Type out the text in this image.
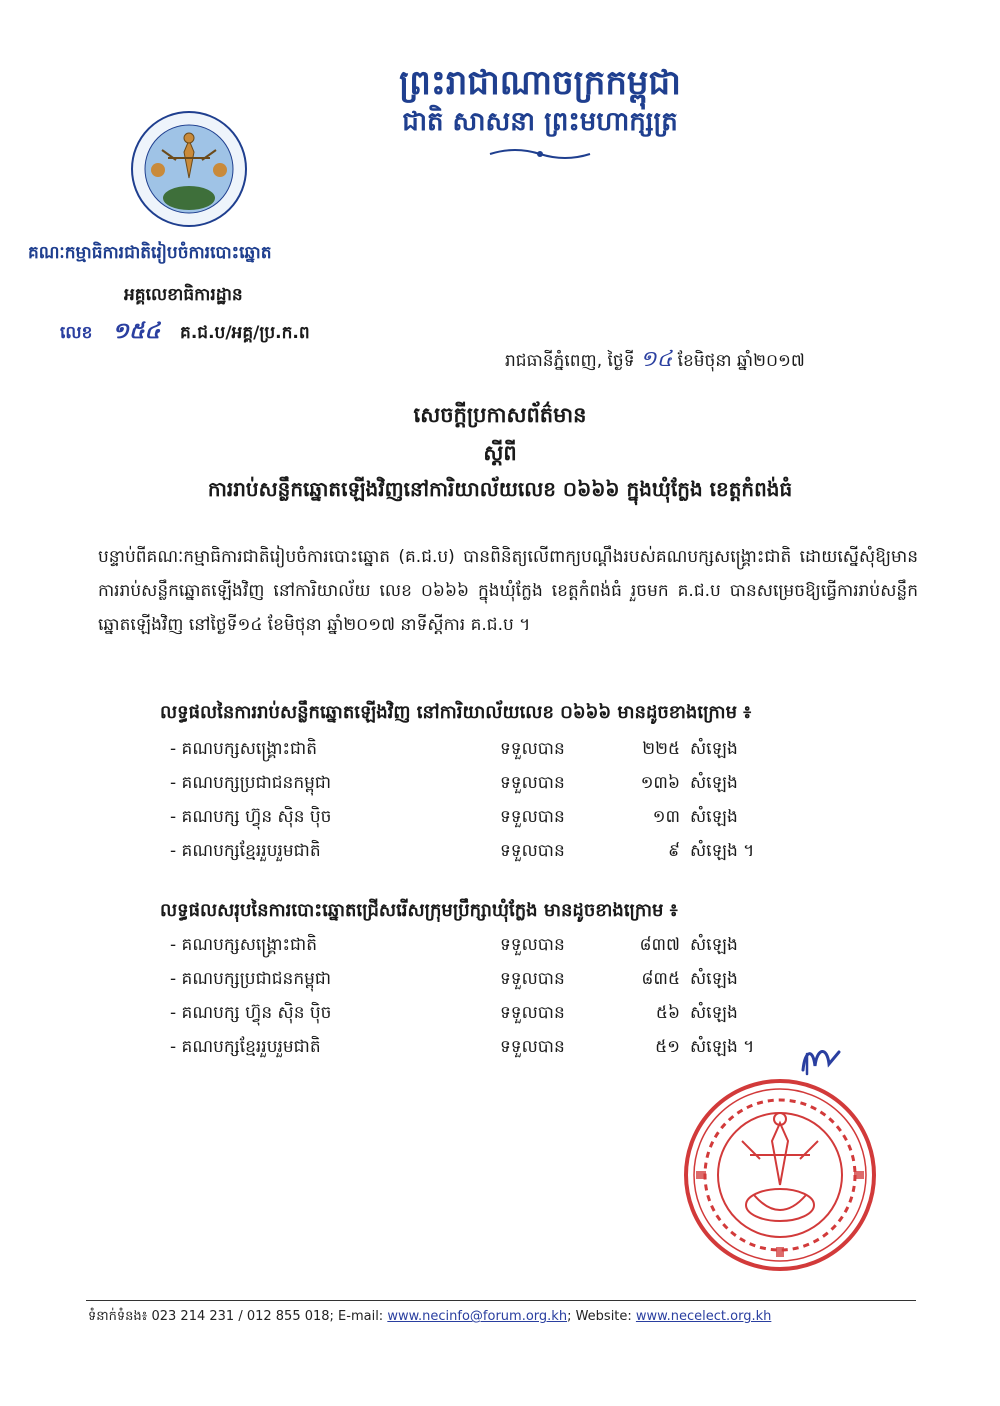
ព្រះរាជាណាចក្រកម្ពុជា
ជាតិ សាសនា ព្រះមហាក្សត្រ
គណៈកម្មាធិការជាតិរៀបចំការបោះឆ្នោត
អគ្គលេខាធិការដ្ឋាន
លេខ ១៥៤ គ.ជ.ប/អគ្គ/ប្រ.ក.ព
រាជធានីភ្នំពេញ, ថ្ងៃទី ១៤ ខែមិថុនា ឆ្នាំ២០១៧
សេចក្តីប្រកាសព័ត៌មាន
ស្តីពី
ការរាប់សន្លឹកឆ្នោតឡើងវិញនៅការិយាល័យលេខ ០៦៦៦ ក្នុងឃុំក្លែង ខេត្តកំពង់ធំ
បន្ទាប់ពីគណៈកម្មាធិការជាតិរៀបចំការបោះឆ្នោត (គ.ជ.ប) បានពិនិត្យលើពាក្យបណ្តឹងរបស់គណបក្សសង្គ្រោះជាតិ ដោយស្នើសុំឱ្យមានការរាប់សន្លឹកឆ្នោតឡើងវិញ នៅការិយាល័យ លេខ ០៦៦៦ ក្នុងឃុំក្លែង ខេត្តកំពង់ធំ រួចមក គ.ជ.ប បានសម្រេចឱ្យធ្វើការរាប់សន្លឹកឆ្នោតឡើងវិញ នៅថ្ងៃទី១៤ ខែមិថុនា ឆ្នាំ២០១៧ នាទីស្តីការ គ.ជ.ប ។
លទ្ធផលនៃការរាប់សន្លឹកឆ្នោតឡើងវិញ នៅការិយាល័យលេខ ០៦៦៦ មានដូចខាងក្រោម ៖
- គណបក្សសង្គ្រោះជាតិ	ទទួលបាន	២២៥ សំឡេង
- គណបក្សប្រជាជនកម្ពុជា	ទទួលបាន	១៣៦ សំឡេង
- គណបក្ស ហ៊្វុន ស៊ិន ប៉ិច	ទទួលបាន	១៣ សំឡេង
- គណបក្សខ្មែររួបរួមជាតិ	ទទួលបាន	៩ សំឡេង ។
លទ្ធផលសរុបនៃការបោះឆ្នោតជ្រើសរើសក្រុមប្រឹក្សាឃុំក្លែង មានដូចខាងក្រោម ៖
- គណបក្សសង្គ្រោះជាតិ	ទទួលបាន	៨៣៧ សំឡេង
- គណបក្សប្រជាជនកម្ពុជា	ទទួលបាន	៨៣៥ សំឡេង
- គណបក្ស ហ៊្វុន ស៊ិន ប៉ិច	ទទួលបាន	៥៦ សំឡេង
- គណបក្សខ្មែររួបរួមជាតិ	ទទួលបាន	៥១ សំឡេង ។
ទំនាក់ទំនង៖ 023 214 231 / 012 855 018; E-mail: www.necinfo@forum.org.kh; Website: www.necelect.org.kh
